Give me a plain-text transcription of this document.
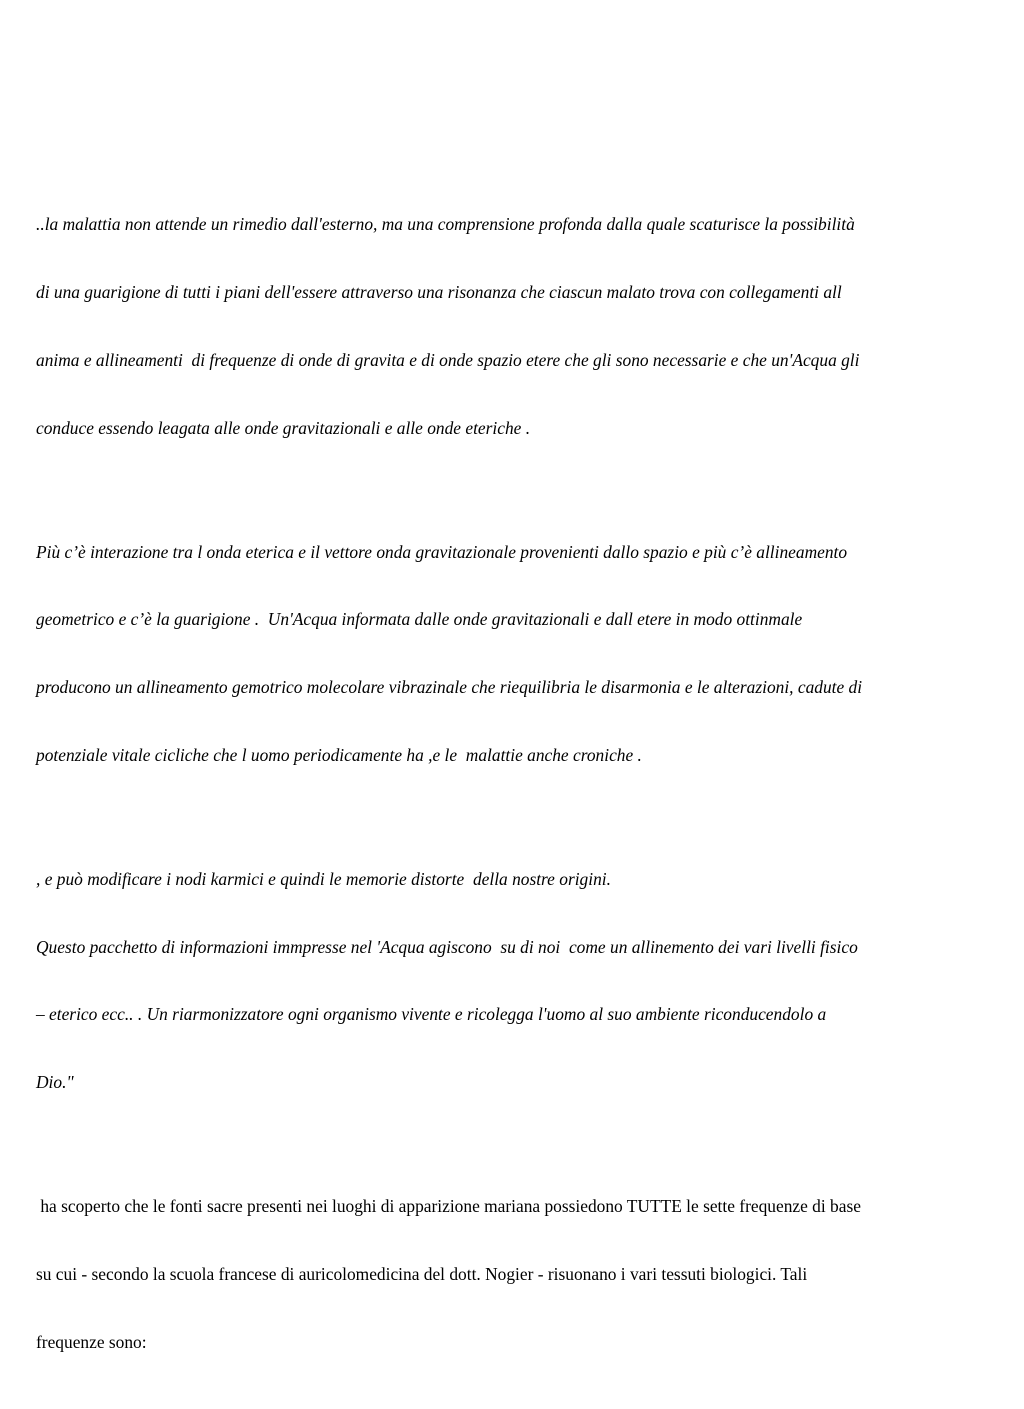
..la malattia non attende un rimedio dall'esterno, ma una comprensione profonda dalla quale scaturisce la possibilità

di una guarigione di tutti i piani dell'essere attraverso una risonanza che ciascun malato trova con collegamenti all

anima e allineamenti  di frequenze di onde di gravita e di onde spazio etere che gli sono necessarie e che un'Acqua gli

conduce essendo leagata alle onde gravitazionali e alle onde eteriche .

Più c’è interazione tra l onda eterica e il vettore onda gravitazionale provenienti dallo spazio e più c’è allineamento

geometrico e c’è la guarigione .  Un'Acqua informata dalle onde gravitazionali e dall etere in modo ottinmale

producono un allineamento gemotrico molecolare vibrazinale che riequilibria le disarmonia e le alterazioni, cadute di

potenziale vitale cicliche che l uomo periodicamente ha ,e le  malattie anche croniche .

, e può modificare i nodi karmici e quindi le memorie distorte  della nostre origini.

Questo pacchetto di informazioni immpresse nel 'Acqua agiscono  su di noi  come un allinemento dei vari livelli fisico

– eterico ecc.. . Un riarmonizzatore ogni organismo vivente e ricolegga l'uomo al suo ambiente riconducendolo a

Dio."

ha scoperto che le fonti sacre presenti nei luoghi di apparizione mariana possiedono TUTTE le sette frequenze di base

su cui - secondo la scuola francese di auricolomedicina del dott. Nogier - risuonano i vari tessuti biologici. Tali

frequenze sono:
